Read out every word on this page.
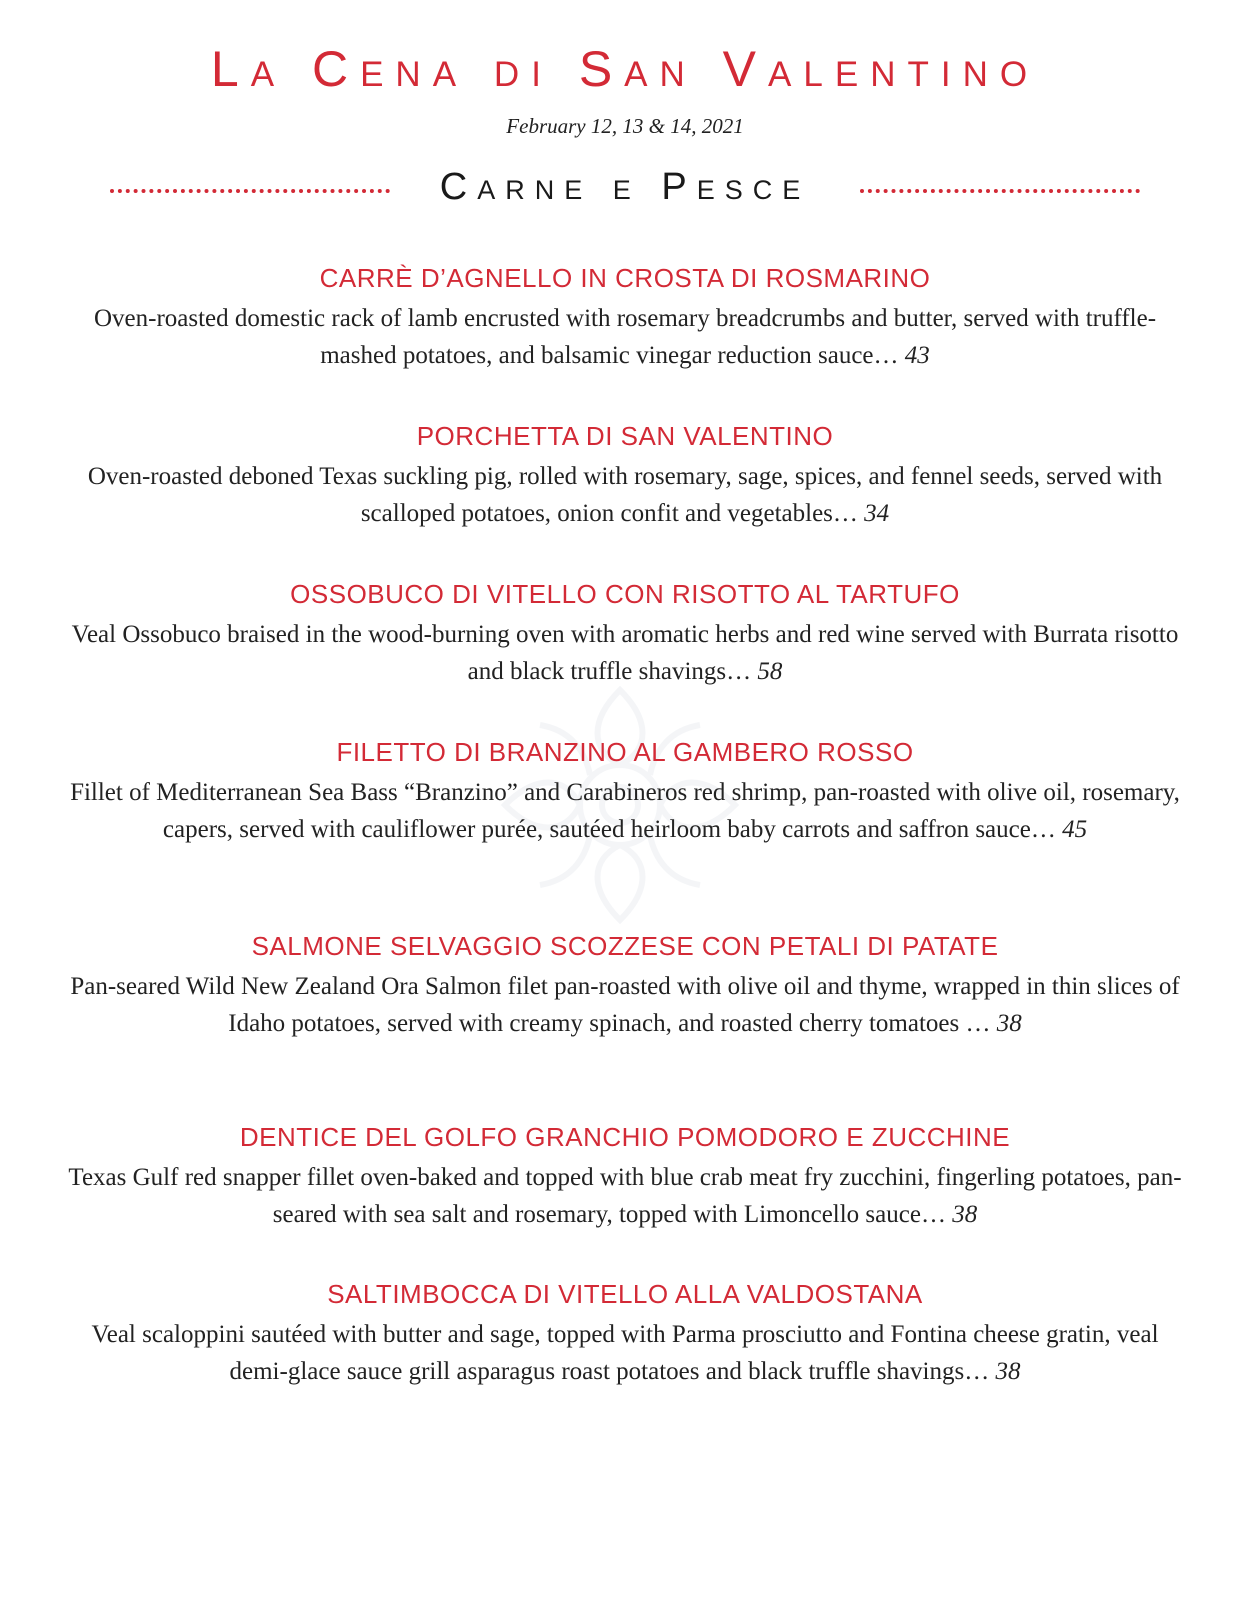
La Cena di San Valentino
February 12, 13 & 14, 2021
Carne e Pesce
CARRÈ D’AGNELLO IN CROSTA DI ROSMARINO
Oven-roasted domestic rack of lamb encrusted with rosemary breadcrumbs and butter, served with truffle-mashed potatoes, and balsamic vinegar reduction sauce… 43
PORCHETTA DI SAN VALENTINO
Oven-roasted deboned Texas suckling pig, rolled with rosemary, sage, spices, and fennel seeds, served with scalloped potatoes, onion confit and vegetables… 34
OSSOBUCO DI VITELLO CON RISOTTO AL TARTUFO
Veal Ossobuco braised in the wood-burning oven with aromatic herbs and red wine served with Burrata risotto and black truffle shavings… 58
FILETTO DI BRANZINO AL GAMBERO ROSSO
Fillet of Mediterranean Sea Bass “Branzino” and Carabineros red shrimp, pan-roasted with olive oil, rosemary, capers, served with cauliflower purée, sautéed heirloom baby carrots and saffron sauce… 45
SALMONE SELVAGGIO SCOZZESE CON PETALI DI PATATE
Pan-seared Wild New Zealand Ora Salmon filet pan-roasted with olive oil and thyme, wrapped in thin slices of Idaho potatoes, served with creamy spinach, and roasted cherry tomatoes … 38
DENTICE DEL GOLFO GRANCHIO POMODORO E ZUCCHINE
Texas Gulf red snapper fillet oven-baked and topped with blue crab meat fry zucchini, fingerling potatoes, pan-seared with sea salt and rosemary, topped with Limoncello sauce… 38
SALTIMBOCCA DI VITELLO ALLA VALDOSTANA
Veal scaloppini sautéed with butter and sage, topped with Parma prosciutto and Fontina cheese gratin, veal demi-glace sauce grill asparagus roast potatoes and black truffle shavings… 38
